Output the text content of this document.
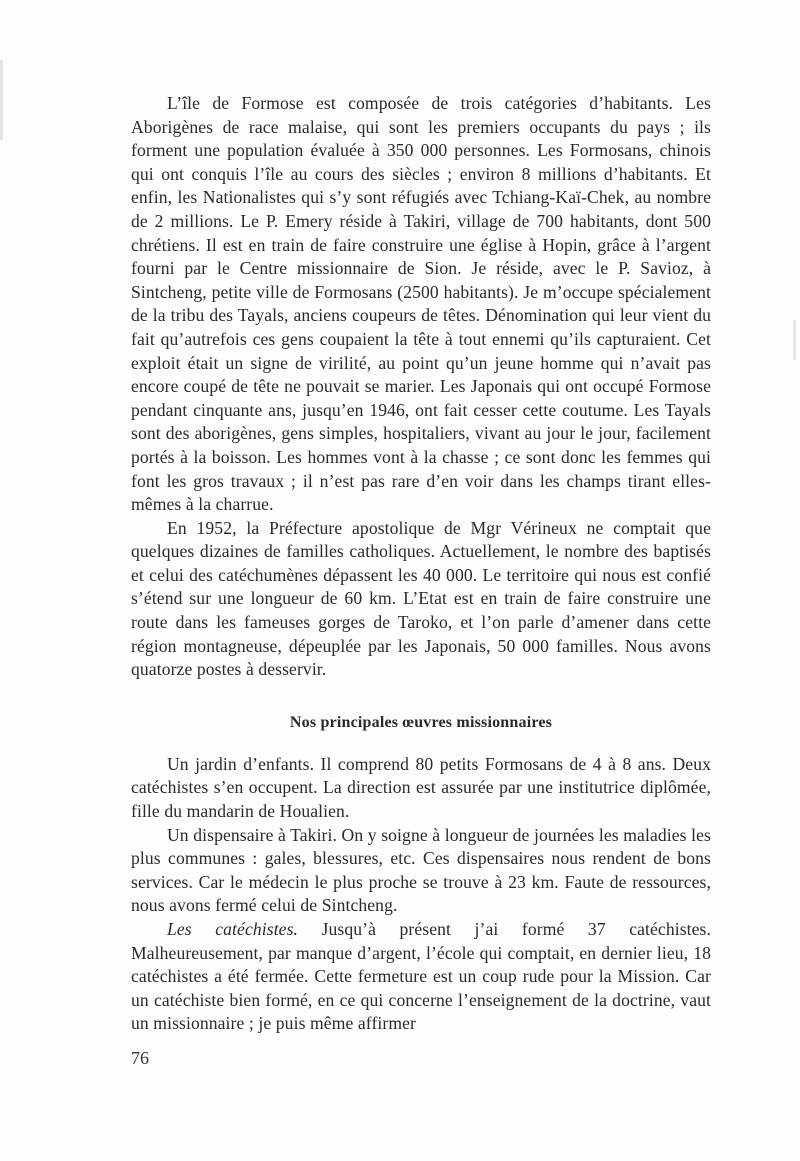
L’île de Formose est composée de trois catégories d’habitants. Les Aborigènes de race malaise, qui sont les premiers occupants du pays ; ils forment une population évaluée à 350 000 personnes. Les Formosans, chinois qui ont conquis l’île au cours des siècles ; environ 8 millions d’habitants. Et enfin, les Nationalistes qui s’y sont réfugiés avec Tchiang-Kaï-Chek, au nombre de 2 millions. Le P. Emery réside à Takiri, village de 700 habitants, dont 500 chrétiens. Il est en train de faire construire une église à Hopin, grâce à l’argent fourni par le Centre missionnaire de Sion. Je réside, avec le P. Savioz, à Sintcheng, petite ville de Formosans (2500 habitants). Je m’occupe spécialement de la tribu des Tayals, anciens coupeurs de têtes. Dénomination qui leur vient du fait qu’autrefois ces gens coupaient la tête à tout ennemi qu’ils capturaient. Cet exploit était un signe de virilité, au point qu’un jeune homme qui n’avait pas encore coupé de tête ne pouvait se marier. Les Japonais qui ont occupé Formose pendant cinquante ans, jusqu’en 1946, ont fait cesser cette coutume. Les Tayals sont des aborigènes, gens simples, hospitaliers, vivant au jour le jour, facilement portés à la boisson. Les hommes vont à la chasse ; ce sont donc les femmes qui font les gros travaux ; il n’est pas rare d’en voir dans les champs tirant elles-mêmes à la charrue.

En 1952, la Préfecture apostolique de Mgr Vérineux ne comptait que quelques dizaines de familles catholiques. Actuellement, le nombre des baptisés et celui des catéchumènes dépassent les 40 000. Le territoire qui nous est confié s’étend sur une longueur de 60 km. L’Etat est en train de faire construire une route dans les fameuses gorges de Taroko, et l’on parle d’amener dans cette région montagneuse, dépeuplée par les Japonais, 50 000 familles. Nous avons quatorze postes à desservir.

Nos principales œuvres missionnaires

Un jardin d’enfants. Il comprend 80 petits Formosans de 4 à 8 ans. Deux catéchistes s’en occupent. La direction est assurée par une institutrice diplômée, fille du mandarin de Houalien.

Un dispensaire à Takiri. On y soigne à longueur de journées les maladies les plus communes : gales, blessures, etc. Ces dispensaires nous rendent de bons services. Car le médecin le plus proche se trouve à 23 km. Faute de ressources, nous avons fermé celui de Sintcheng.

Les catéchistes. Jusqu’à présent j’ai formé 37 catéchistes. Malheureusement, par manque d’argent, l’école qui comptait, en dernier lieu, 18 catéchistes a été fermée. Cette fermeture est un coup rude pour la Mission. Car un catéchiste bien formé, en ce qui concerne l’enseignement de la doctrine, vaut un missionnaire ; je puis même affirmer

76
